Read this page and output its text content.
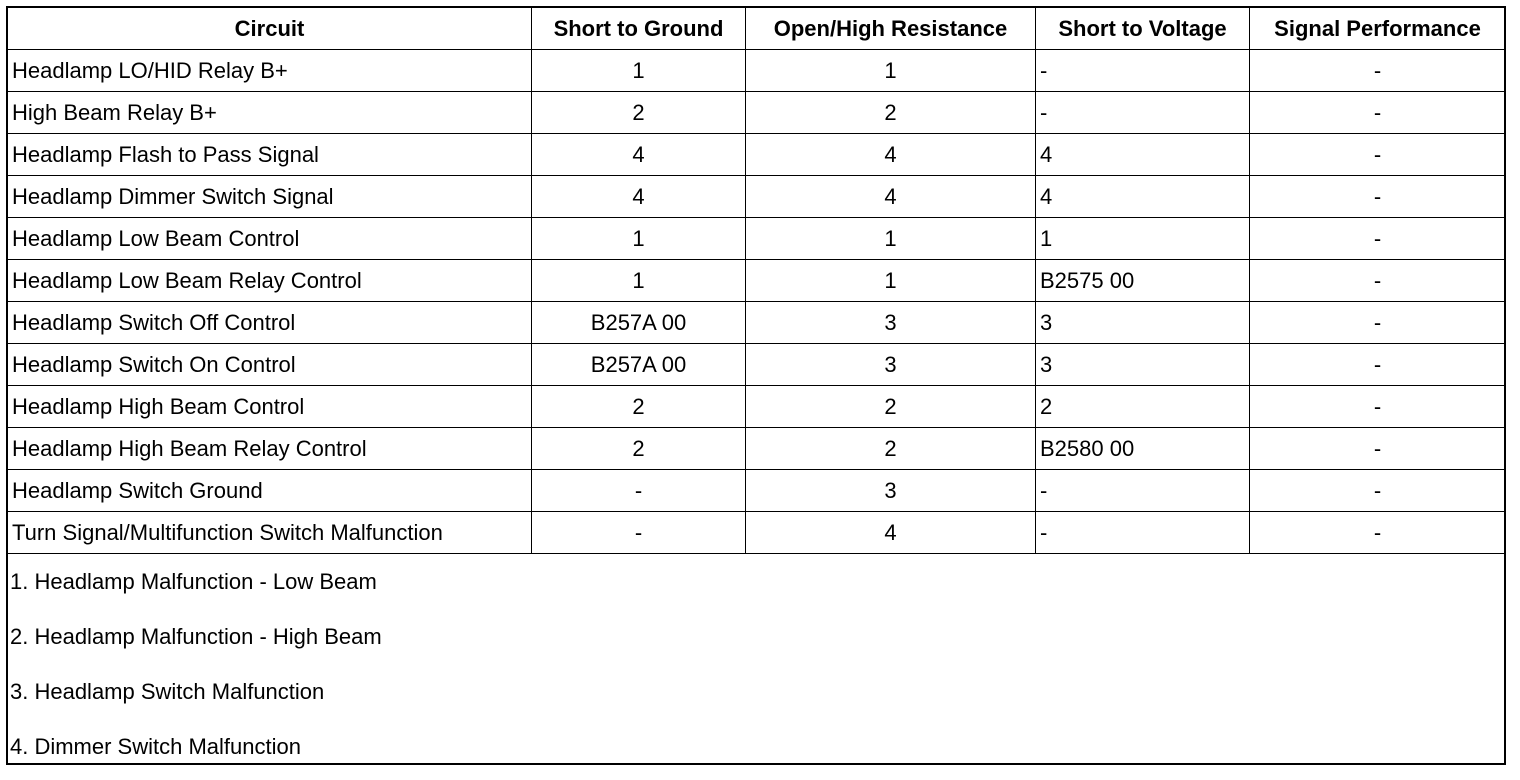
Circuit	Short to Ground	Open/High Resistance	Short to Voltage	Signal Performance
Headlamp LO/HID Relay B+	1	1	-	-
High Beam Relay B+	2	2	-	-
Headlamp Flash to Pass Signal	4	4	4	-
Headlamp Dimmer Switch Signal	4	4	4	-
Headlamp Low Beam Control	1	1	1	-
Headlamp Low Beam Relay Control	1	1	B2575 00	-
Headlamp Switch Off Control	B257A 00	3	3	-
Headlamp Switch On Control	B257A 00	3	3	-
Headlamp High Beam Control	2	2	2	-
Headlamp High Beam Relay Control	2	2	B2580 00	-
Headlamp Switch Ground	-	3	-	-
Turn Signal/Multifunction Switch Malfunction	-	4	-	-
1. Headlamp Malfunction - Low Beam
2. Headlamp Malfunction - High Beam
3. Headlamp Switch Malfunction
4. Dimmer Switch Malfunction
